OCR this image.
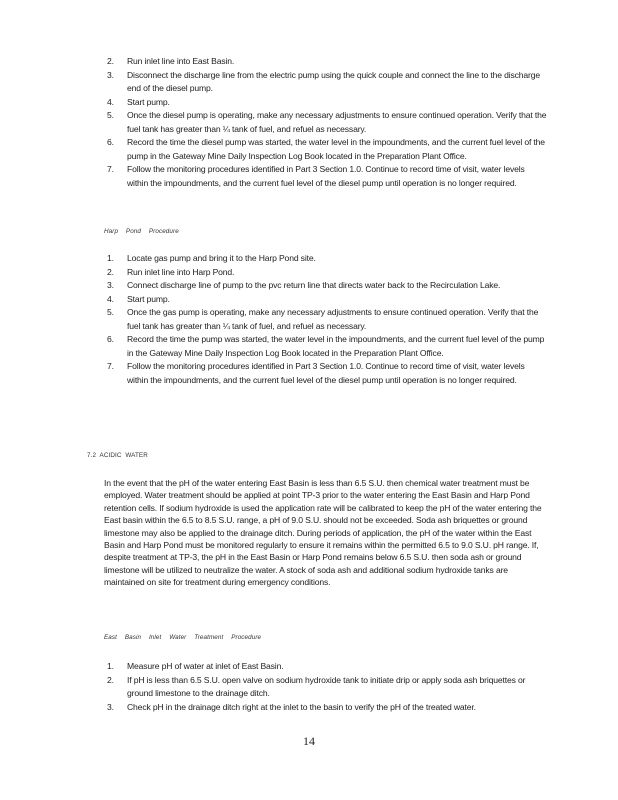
2. Run inlet line into East Basin.
3. Disconnect the discharge line from the electric pump using the quick couple and connect the line to the discharge end of the diesel pump.
4. Start pump.
5. Once the diesel pump is operating, make any necessary adjustments to ensure continued operation. Verify that the fuel tank has greater than ¼ tank of fuel, and refuel as necessary.
6. Record the time the diesel pump was started, the water level in the impoundments, and the current fuel level of the pump in the Gateway Mine Daily Inspection Log Book located in the Preparation Plant Office.
7. Follow the monitoring procedures identified in Part 3 Section 1.0. Continue to record time of visit, water levels within the impoundments, and the current fuel level of the diesel pump until operation is no longer required.
Harp Pond Procedure
1. Locate gas pump and bring it to the Harp Pond site.
2. Run inlet line into Harp Pond.
3. Connect discharge line of pump to the pvc return line that directs water back to the Recirculation Lake.
4. Start pump.
5. Once the gas pump is operating, make any necessary adjustments to ensure continued operation. Verify that the fuel tank has greater than ¼ tank of fuel, and refuel as necessary.
6. Record the time the pump was started, the water level in the impoundments, and the current fuel level of the pump in the Gateway Mine Daily Inspection Log Book located in the Preparation Plant Office.
7. Follow the monitoring procedures identified in Part 3 Section 1.0. Continue to record time of visit, water levels within the impoundments, and the current fuel level of the diesel pump until operation is no longer required.
7.2 ACIDIC WATER

In the event that the pH of the water entering East Basin is less than 6.5 S.U. then chemical water treatment must be employed. Water treatment should be applied at point TP-3 prior to the water entering the East Basin and Harp Pond retention cells. If sodium hydroxide is used the application rate will be calibrated to keep the pH of the water entering the East basin within the 6.5 to 8.5 S.U. range, a pH of 9.0 S.U. should not be exceeded. Soda ash briquettes or ground limestone may also be applied to the drainage ditch. During periods of application, the pH of the water within the East Basin and Harp Pond must be monitored regularly to ensure it remains within the permitted 6.5 to 9.0 S.U. pH range. If, despite treatment at TP-3, the pH in the East Basin or Harp Pond remains below 6.5 S.U. then soda ash or ground limestone will be utilized to neutralize the water. A stock of soda ash and additional sodium hydroxide tanks are maintained on site for treatment during emergency conditions.

East Basin Inlet Water Treatment Procedure
1. Measure pH of water at inlet of East Basin.
2. If pH is less than 6.5 S.U. open valve on sodium hydroxide tank to initiate drip or apply soda ash briquettes or ground limestone to the drainage ditch.
3. Check pH in the drainage ditch right at the inlet to the basin to verify the pH of the treated water.
14
